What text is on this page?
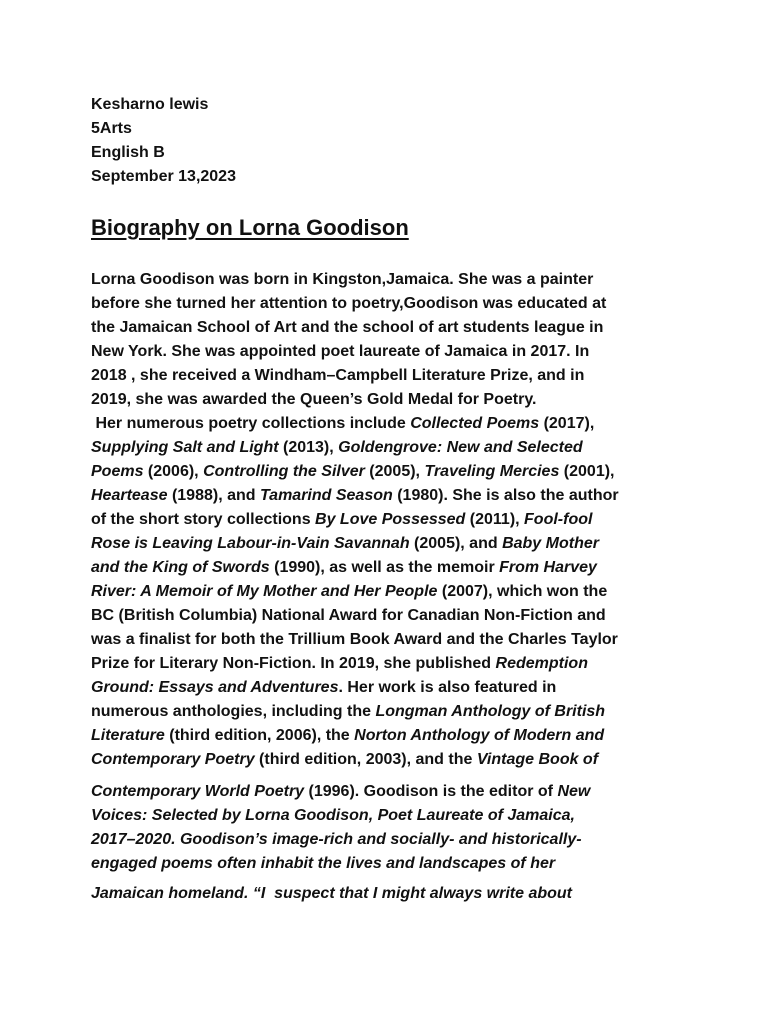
Kesharno lewis
5Arts
English B
September 13,2023
Biography on Lorna Goodison
Lorna Goodison was born in Kingston,Jamaica. She was a painter
before she turned her attention to poetry,Goodison was educated at
the Jamaican School of Art and the school of art students league in
New York. She was appointed poet laureate of Jamaica in 2017. In
2018 , she received a Windham–Campbell Literature Prize, and in
2019, she was awarded the Queen’s Gold Medal for Poetry.
Her numerous poetry collections include Collected Poems (2017),
Supplying Salt and Light (2013), Goldengrove: New and Selected
Poems (2006), Controlling the Silver (2005), Traveling Mercies (2001),
Heartease (1988), and Tamarind Season (1980). She is also the author
of the short story collections By Love Possessed (2011), Fool-fool
Rose is Leaving Labour-in-Vain Savannah (2005), and Baby Mother
and the King of Swords (1990), as well as the memoir From Harvey
River: A Memoir of My Mother and Her People (2007), which won the
BC (British Columbia) National Award for Canadian Non-Fiction and
was a finalist for both the Trillium Book Award and the Charles Taylor
Prize for Literary Non-Fiction. In 2019, she published Redemption
Ground: Essays and Adventures. Her work is also featured in
numerous anthologies, including the Longman Anthology of British
Literature (third edition, 2006), the Norton Anthology of Modern and
Contemporary Poetry (third edition, 2003), and the Vintage Book of
Contemporary World Poetry (1996). Goodison is the editor of New
Voices: Selected by Lorna Goodison, Poet Laureate of Jamaica,
2017–2020. Goodison’s image-rich and socially- and historically-
engaged poems often inhabit the lives and landscapes of her
Jamaican homeland. “I  suspect that I might always write about
